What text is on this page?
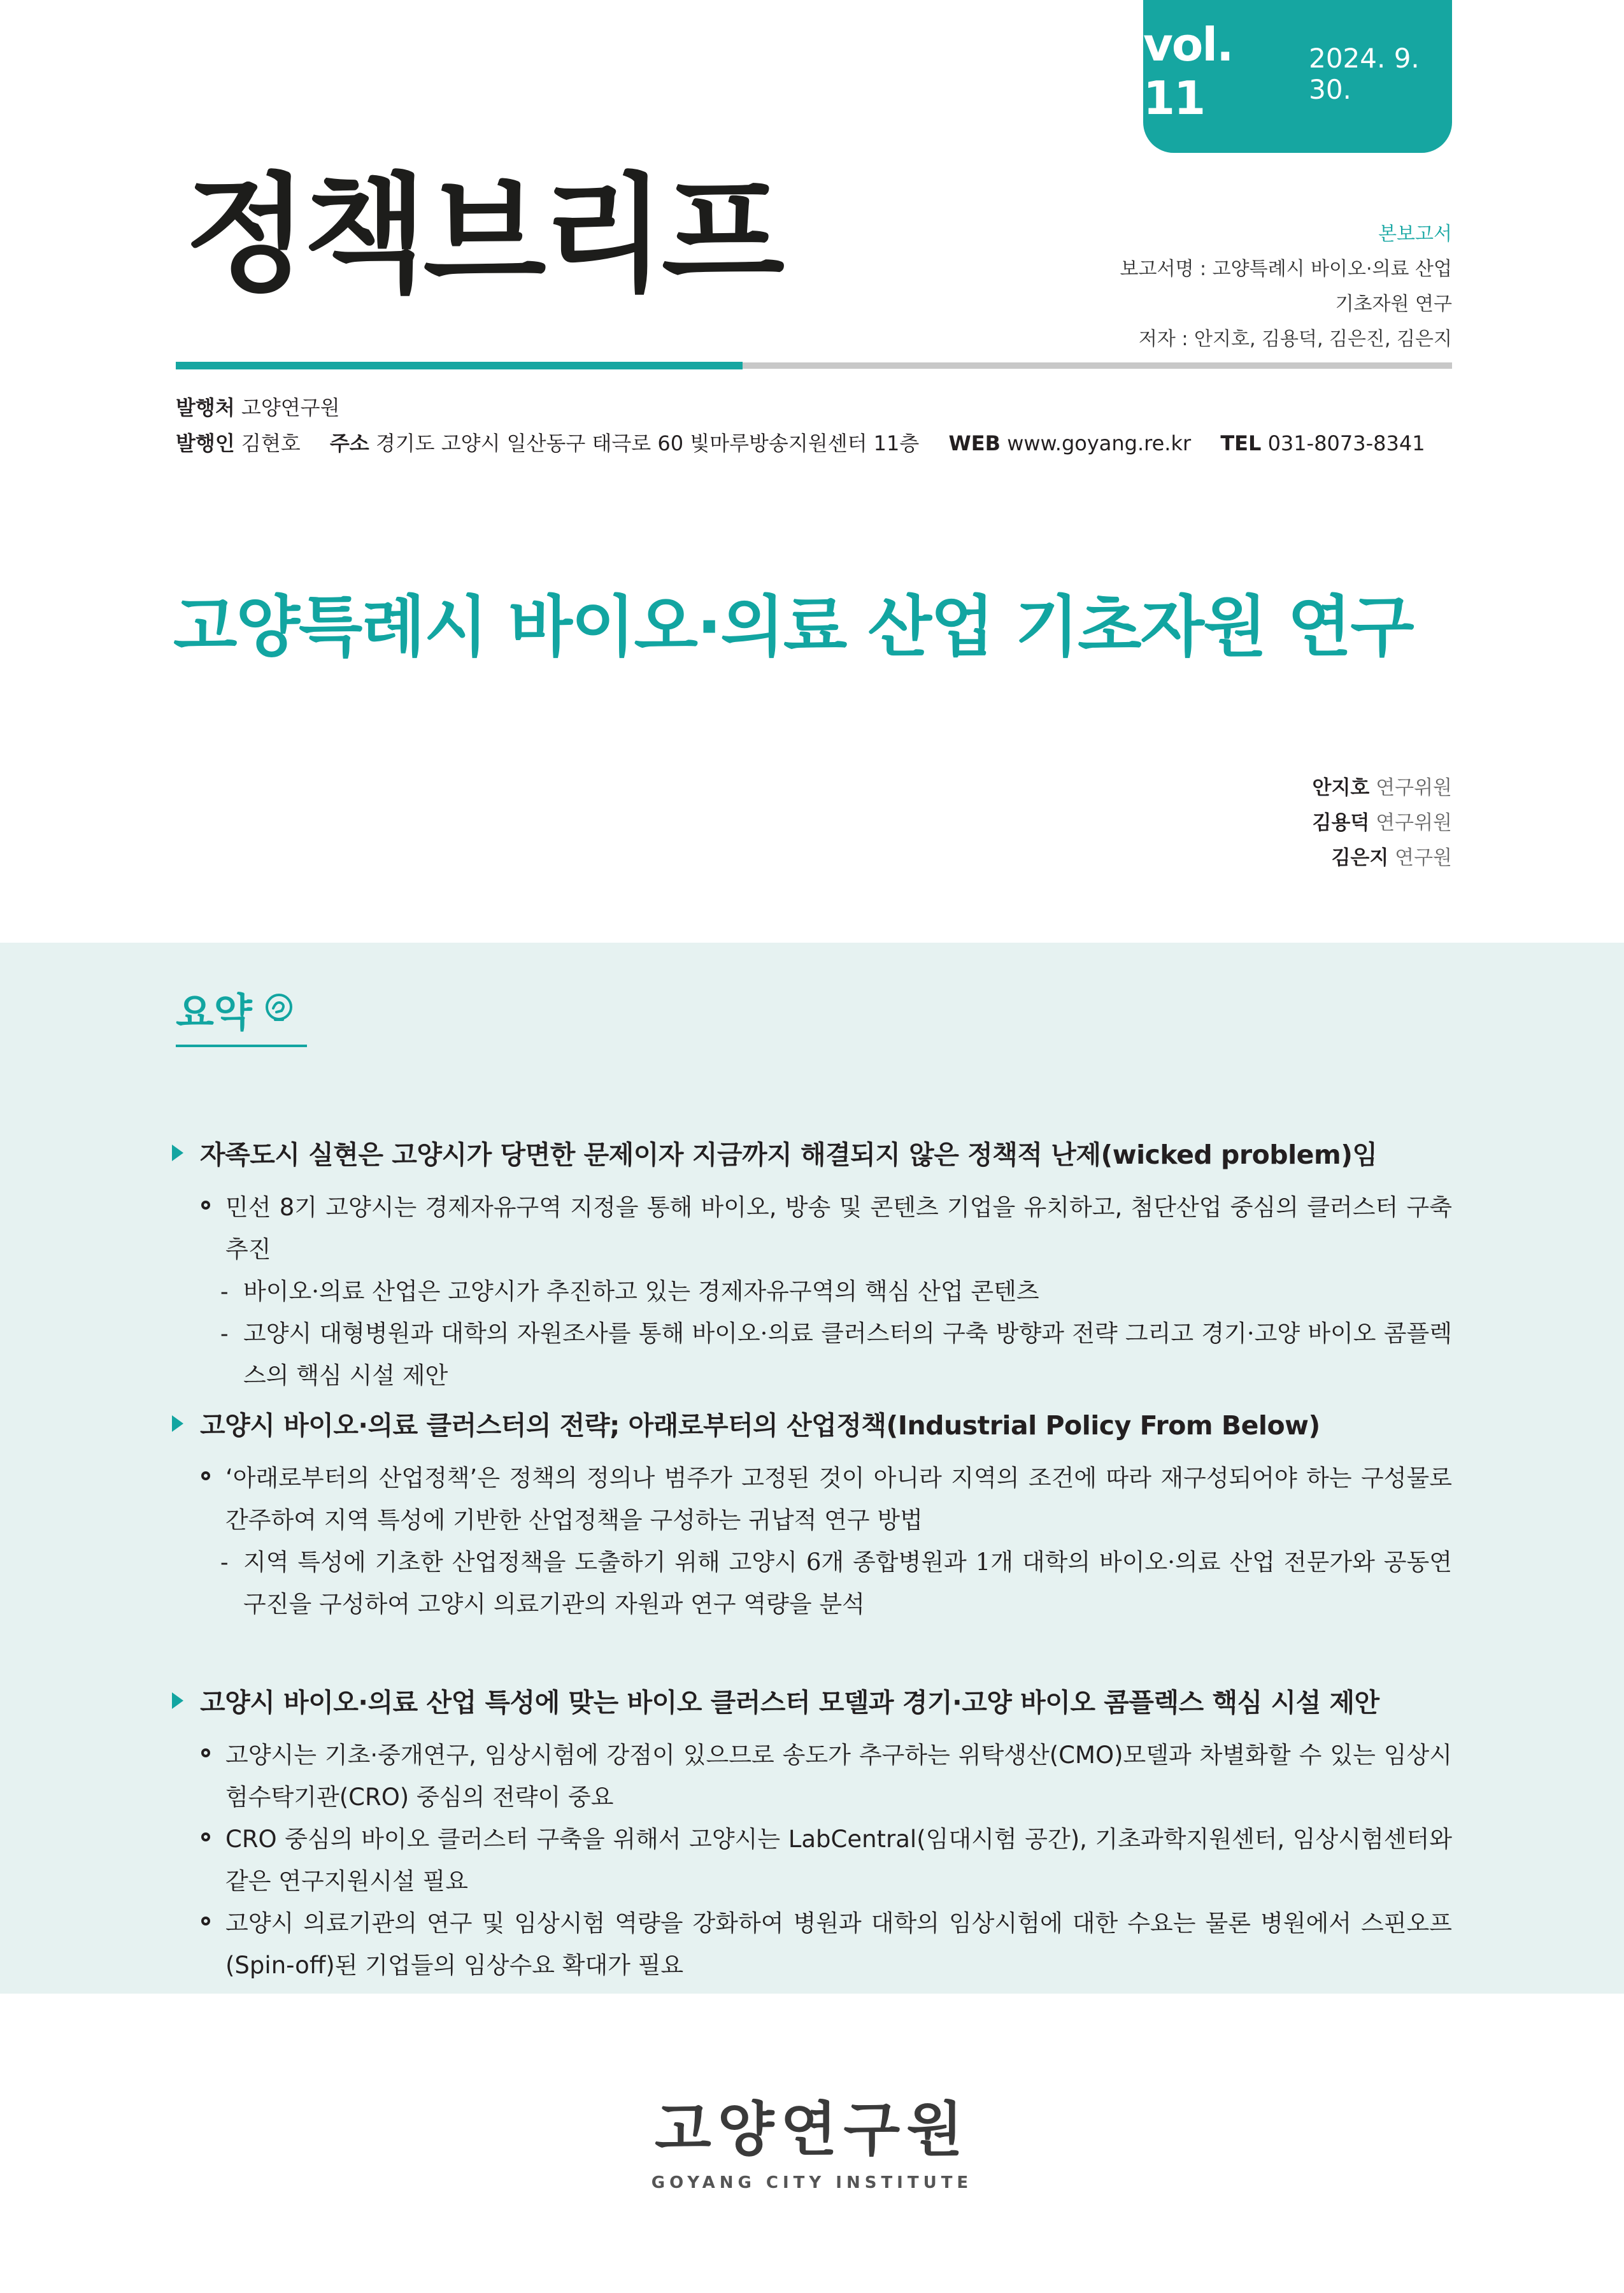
vol. 11
2024. 9. 30.
정책브리프	본보고서
보고서명 : 고양특례시 바이오·의료 산업
기초자원 연구
저자 : 안지호, 김용덕, 김은진, 김은지
발행처 고양연구원
발행인 김현호 주소 경기도 고양시 일산동구 태극로 60 빛마루방송지원센터 11층 WEB www.goyang.re.kr TEL 031-8073-8341
고양특례시 바이오·의료 산업 기초자원 연구
안지호 연구위원
김용덕 연구위원
김은지 연구원
요약
자족도시 실현은 고양시가 당면한 문제이자 지금까지 해결되지 않은 정책적 난제(wicked problem)임
민선 8기 고양시는 경제자유구역 지정을 통해 바이오, 방송 및 콘텐츠 기업을 유치하고, 첨단산업 중심의 클러스터 구축 추진
- 바이오·의료 산업은 고양시가 추진하고 있는 경제자유구역의 핵심 산업 콘텐츠
- 고양시 대형병원과 대학의 자원조사를 통해 바이오·의료 클러스터의 구축 방향과 전략 그리고 경기·고양 바이오 콤플렉스의 핵심 시설 제안
고양시 바이오·의료 클러스터의 전략; 아래로부터의 산업정책(Industrial Policy From Below)
‘아래로부터의 산업정책’은 정책의 정의나 범주가 고정된 것이 아니라 지역의 조건에 따라 재구성되어야 하는 구성물로 간주하여 지역 특성에 기반한 산업정책을 구성하는 귀납적 연구 방법
- 지역 특성에 기초한 산업정책을 도출하기 위해 고양시 6개 종합병원과 1개 대학의 바이오·의료 산업 전문가와 공동연구진을 구성하여 고양시 의료기관의 자원과 연구 역량을 분석
고양시 바이오·의료 산업 특성에 맞는 바이오 클러스터 모델과 경기·고양 바이오 콤플렉스 핵심 시설 제안
고양시는 기초·중개연구, 임상시험에 강점이 있으므로 송도가 추구하는 위탁생산(CMO)모델과 차별화할 수 있는 임상시험수탁기관(CRO) 중심의 전략이 중요
CRO 중심의 바이오 클러스터 구축을 위해서 고양시는 LabCentral(임대시험 공간), 기초과학지원센터, 임상시험센터와 같은 연구지원시설 필요
고양시 의료기관의 연구 및 임상시험 역량을 강화하여 병원과 대학의 임상시험에 대한 수요는 물론 병원에서 스핀오프(Spin-off)된 기업들의 임상수요 확대가 필요
고양연구원
GOYANG CITY INSTITUTE
